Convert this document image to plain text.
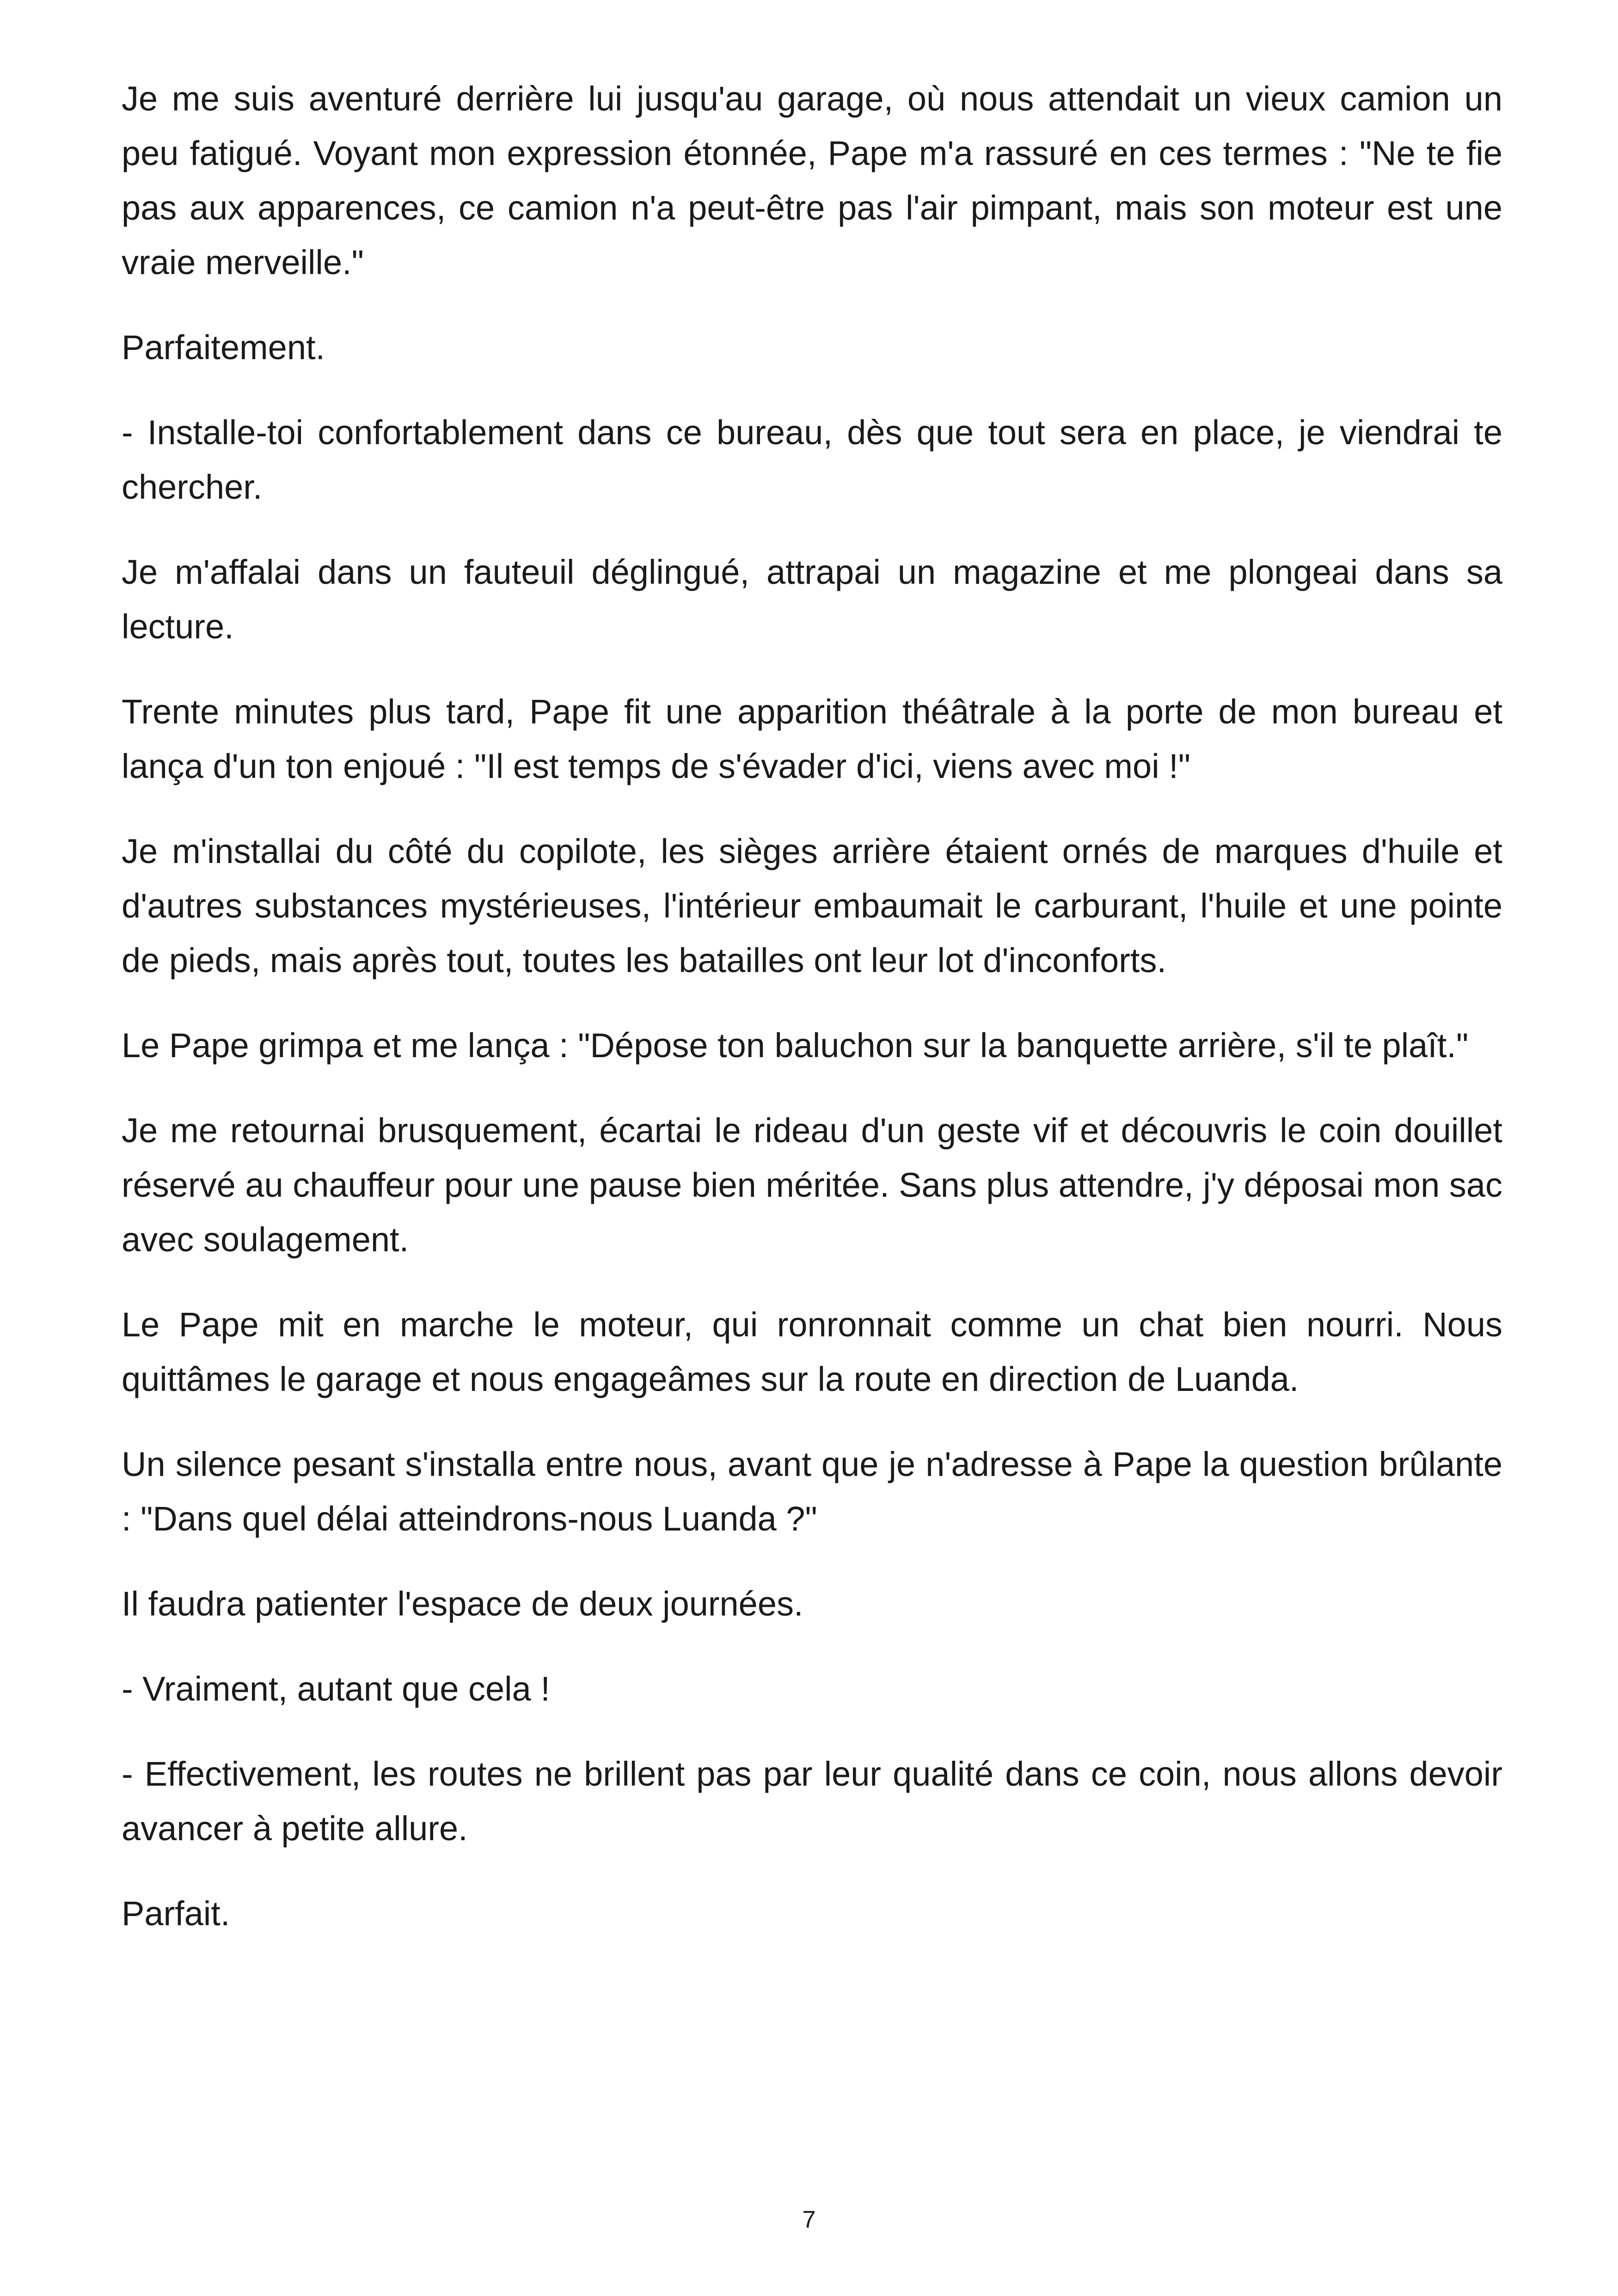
Je me suis aventuré derrière lui jusqu'au garage, où nous attendait un vieux camion un peu fatigué. Voyant mon expression étonnée, Pape m'a rassuré en ces termes : "Ne te fie pas aux apparences, ce camion n'a peut-être pas l'air pimpant, mais son moteur est une vraie merveille."

Parfaitement.

- Installe-toi confortablement dans ce bureau, dès que tout sera en place, je viendrai te chercher.

Je m'affalai dans un fauteuil déglingué, attrapai un magazine et me plongeai dans sa lecture.

Trente minutes plus tard, Pape fit une apparition théâtrale à la porte de mon bureau et lança d'un ton enjoué : "Il est temps de s'évader d'ici, viens avec moi !"

Je m'installai du côté du copilote, les sièges arrière étaient ornés de marques d'huile et d'autres substances mystérieuses, l'intérieur embaumait le carburant, l'huile et une pointe de pieds, mais après tout, toutes les batailles ont leur lot d'inconforts.

Le Pape grimpa et me lança : "Dépose ton baluchon sur la banquette arrière, s'il te plaît."

Je me retournai brusquement, écartai le rideau d'un geste vif et découvris le coin douillet réservé au chauffeur pour une pause bien méritée. Sans plus attendre, j'y déposai mon sac avec soulagement.

Le Pape mit en marche le moteur, qui ronronnait comme un chat bien nourri. Nous quittâmes le garage et nous engageâmes sur la route en direction de Luanda.

Un silence pesant s'installa entre nous, avant que je n'adresse à Pape la question brûlante : "Dans quel délai atteindrons-nous Luanda ?"

Il faudra patienter l'espace de deux journées.

- Vraiment, autant que cela !

- Effectivement, les routes ne brillent pas par leur qualité dans ce coin, nous allons devoir avancer à petite allure.

Parfait.

7
